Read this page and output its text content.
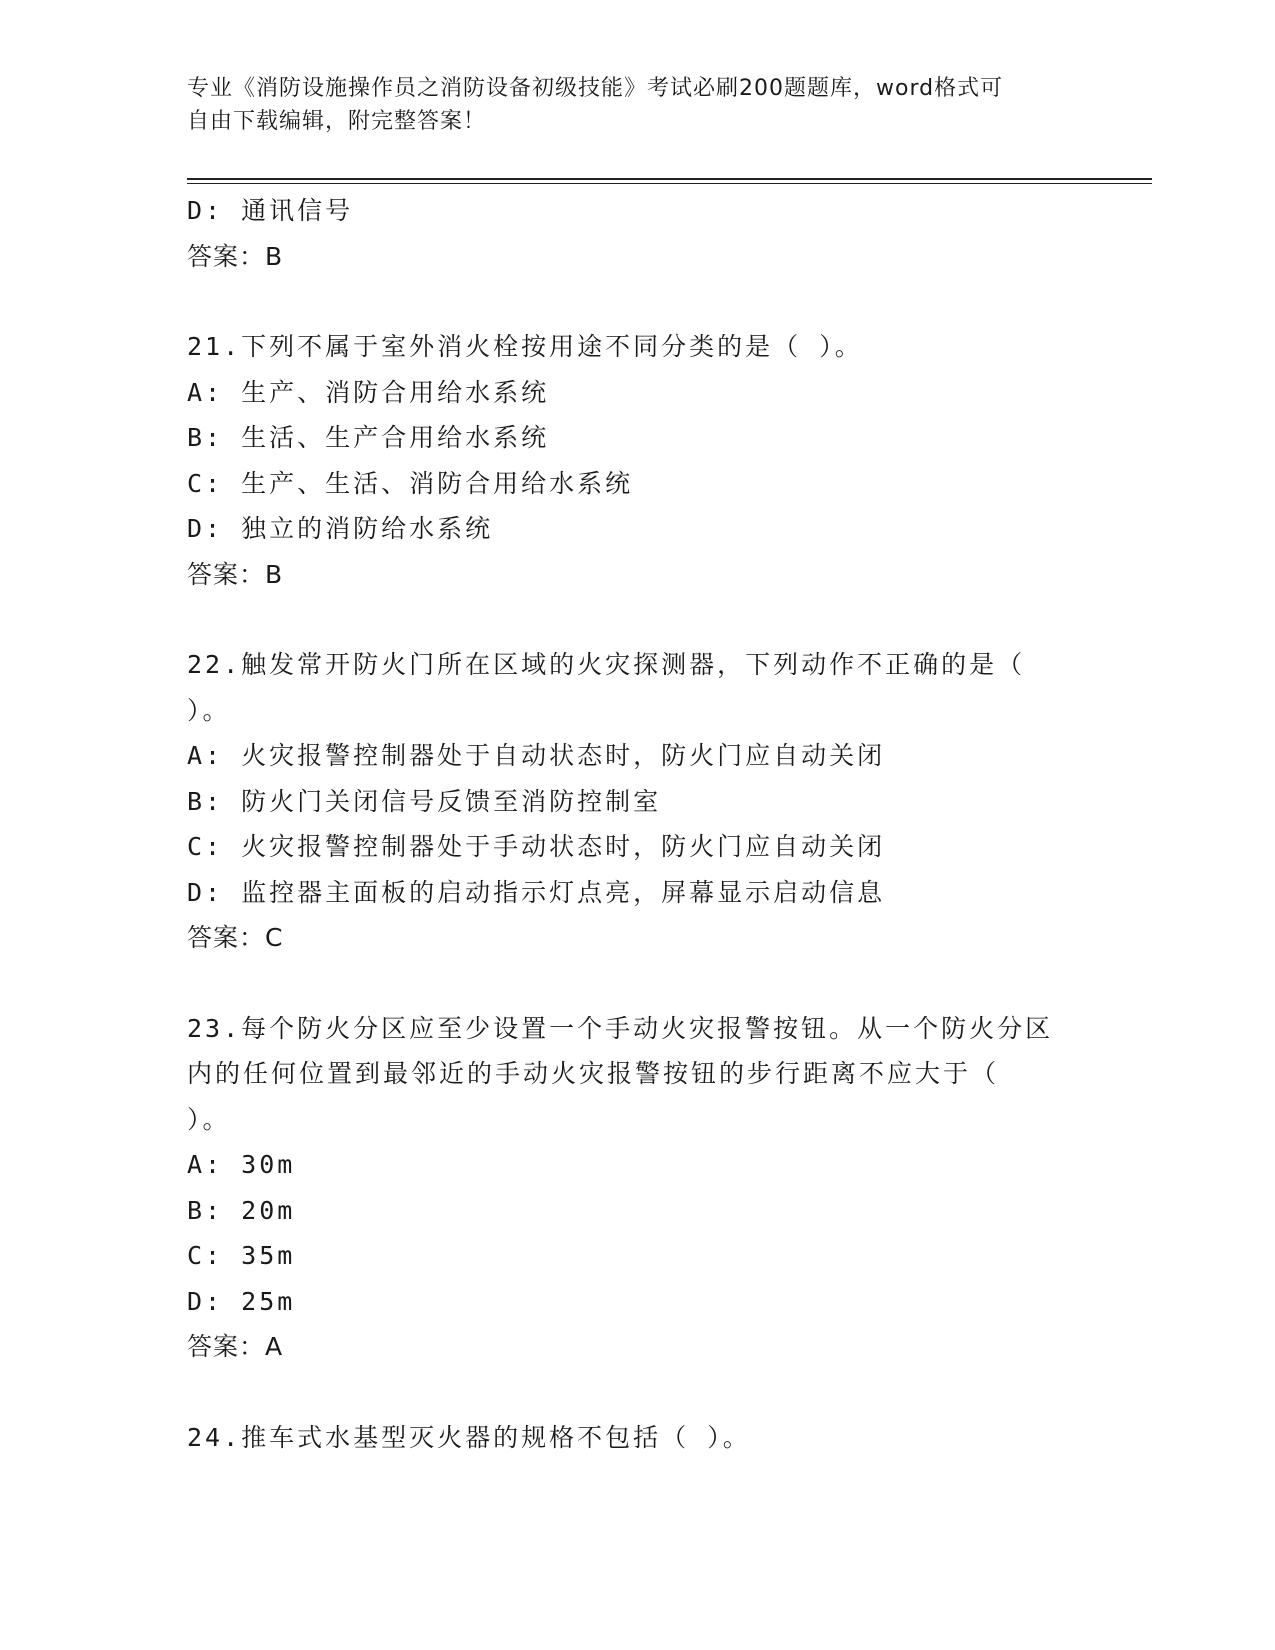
专业《消防设施操作员之消防设备初级技能》考试必刷200题题库，word格式可
自由下载编辑，附完整答案！
D: 通讯信号
答案：B
21.下列不属于室外消火栓按用途不同分类的是（ ）。
A: 生产、消防合用给水系统
B: 生活、生产合用给水系统
C: 生产、生活、消防合用给水系统
D: 独立的消防给水系统
答案：B
22.触发常开防火门所在区域的火灾探测器，下列动作不正确的是（
）。
A: 火灾报警控制器处于自动状态时，防火门应自动关闭
B: 防火门关闭信号反馈至消防控制室
C: 火灾报警控制器处于手动状态时，防火门应自动关闭
D: 监控器主面板的启动指示灯点亮，屏幕显示启动信息
答案：C
23.每个防火分区应至少设置一个手动火灾报警按钮。从一个防火分区
内的任何位置到最邻近的手动火灾报警按钮的步行距离不应大于（
）。
A: 30m
B: 20m
C: 35m
D: 25m
答案：A
24.推车式水基型灭火器的规格不包括（ ）。
